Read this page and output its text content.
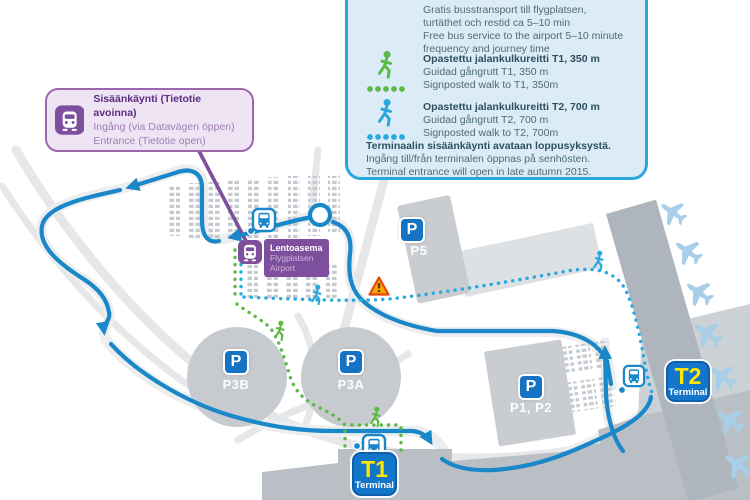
Gratis busstransport till flygplatsen,
turtäthet och restid ca 5–10 min
Free bus service to the airport 5–10 minute
frequency and journey time
Opastettu jalankulkureitti T1, 350 m
Guidad gångrutt T1, 350 m
Signposted walk to T1, 350m
Opastettu jalankulkureitti T2, 700 m
Guidad gångrutt T2, 700 m
Signposted walk to T2, 700m
Terminaalin sisäänkäynti avataan loppusyksystä.
Ingång till/från terminalen öppnas på senhösten.
Terminal entrance will open in late autumn 2015.
Sisäänkäynti (Tietotie avoinna)
Ingång (via Datavägen öppen)
Entrance (Tietotie open)
Lentoasema
Flygplatsen
Airport
P
P5
P
P3B
P
P3A	P
P1, P2
T1
Terminal
T2
Terminal
